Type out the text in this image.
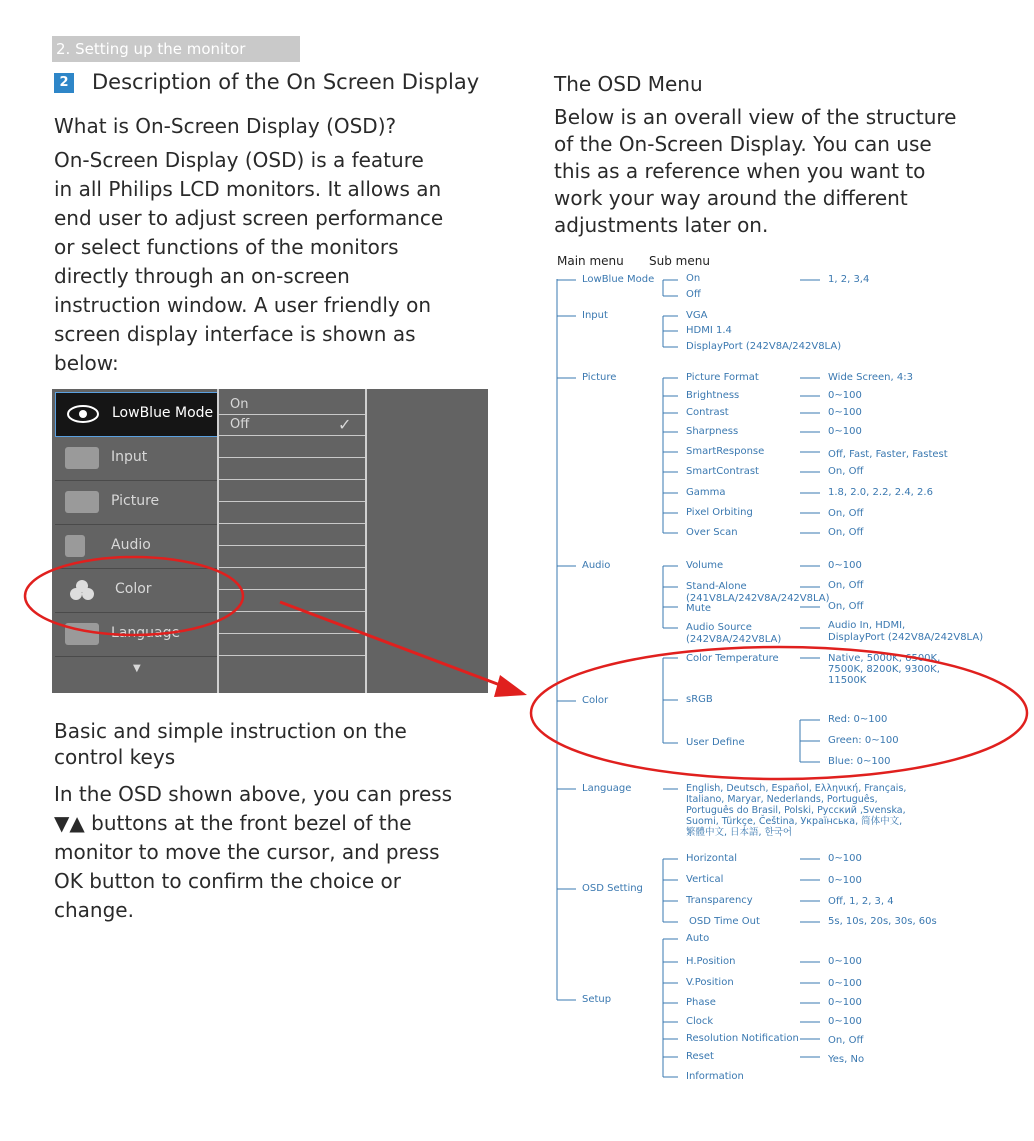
2. Setting up the monitor
2 Description of the On Screen Display
What is On-Screen Display (OSD)?
On-Screen Display (OSD) is a feature
in all Philips LCD monitors. It allows an
end user to adjust screen performance
or select functions of the monitors
directly through an on-screen
instruction window. A user friendly on
screen display interface is shown as
below:
LowBlue Mode
Input
Picture
Audio
Color
Language
▼
On
Off	✓
Basic and simple instruction on the
control keys
In the OSD shown above, you can press
▼▲ buttons at the front bezel of the
monitor to move the cursor, and press
OK button to confirm the choice or
change.
The OSD Menu
Below is an overall view of the structure
of the On-Screen Display. You can use
this as a reference when you want to
work your way around the different
adjustments later on.
Main menu Sub menu
LowBlue Mode
Input
Picture
Audio
Color
Language
OSD Setting
Setup
On
Off
1, 2, 3,4
VGA
HDMI 1.4
DisplayPort (242V8A/242V8LA)
Picture Format
Brightness
Contrast
Sharpness
SmartResponse
SmartContrast
Gamma
Pixel Orbiting
Over Scan
Wide Screen, 4:3
0~100
0~100
0~100
Off, Fast, Faster, Fastest
On, Off
1.8, 2.0, 2.2, 2.4, 2.6
On, Off
On, Off
Volume
Stand-Alone
(241V8LA/242V8A/242V8LA)
Mute
Audio Source
(242V8A/242V8LA)
0~100
On, Off
On, Off
Audio In, HDMI,
DisplayPort (242V8A/242V8LA)
Color Temperature
sRGB
User Define
Native, 5000K, 6500K,
7500K, 8200K, 9300K,
11500K
Red: 0~100
Green: 0~100
Blue: 0~100
English, Deutsch, Español, Ελληνική, Français,
Italiano, Maryar, Nederlands, Português,
Português do Brasil, Polski, Русский ,Svenska,
Suomi, Türkçe, Čeština, Українська, 简体中文,
繁體中文, 日本語, 한국어
Horizontal
Vertical
Transparency
OSD Time Out
0~100
0~100
Off, 1, 2, 3, 4
5s, 10s, 20s, 30s, 60s
Auto
H.Position
V.Position
Phase
Clock
Resolution Notification
Reset
Information
0~100
0~100
0~100
0~100
On, Off
Yes, No
